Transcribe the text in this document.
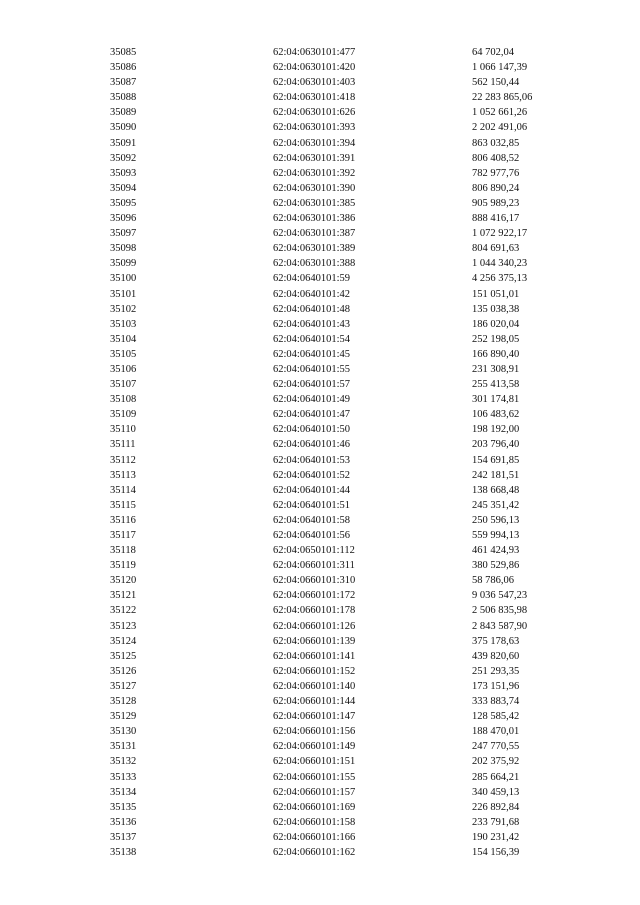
35085	62:04:0630101:477	64 702,04
35086	62:04:0630101:420	1 066 147,39
35087	62:04:0630101:403	562 150,44
35088	62:04:0630101:418	22 283 865,06
35089	62:04:0630101:626	1 052 661,26
35090	62:04:0630101:393	2 202 491,06
35091	62:04:0630101:394	863 032,85
35092	62:04:0630101:391	806 408,52
35093	62:04:0630101:392	782 977,76
35094	62:04:0630101:390	806 890,24
35095	62:04:0630101:385	905 989,23
35096	62:04:0630101:386	888 416,17
35097	62:04:0630101:387	1 072 922,17
35098	62:04:0630101:389	804 691,63
35099	62:04:0630101:388	1 044 340,23
35100	62:04:0640101:59	4 256 375,13
35101	62:04:0640101:42	151 051,01
35102	62:04:0640101:48	135 038,38
35103	62:04:0640101:43	186 020,04
35104	62:04:0640101:54	252 198,05
35105	62:04:0640101:45	166 890,40
35106	62:04:0640101:55	231 308,91
35107	62:04:0640101:57	255 413,58
35108	62:04:0640101:49	301 174,81
35109	62:04:0640101:47	106 483,62
35110	62:04:0640101:50	198 192,00
35111	62:04:0640101:46	203 796,40
35112	62:04:0640101:53	154 691,85
35113	62:04:0640101:52	242 181,51
35114	62:04:0640101:44	138 668,48
35115	62:04:0640101:51	245 351,42
35116	62:04:0640101:58	250 596,13
35117	62:04:0640101:56	559 994,13
35118	62:04:0650101:112	461 424,93
35119	62:04:0660101:311	380 529,86
35120	62:04:0660101:310	58 786,06
35121	62:04:0660101:172	9 036 547,23
35122	62:04:0660101:178	2 506 835,98
35123	62:04:0660101:126	2 843 587,90
35124	62:04:0660101:139	375 178,63
35125	62:04:0660101:141	439 820,60
35126	62:04:0660101:152	251 293,35
35127	62:04:0660101:140	173 151,96
35128	62:04:0660101:144	333 883,74
35129	62:04:0660101:147	128 585,42
35130	62:04:0660101:156	188 470,01
35131	62:04:0660101:149	247 770,55
35132	62:04:0660101:151	202 375,92
35133	62:04:0660101:155	285 664,21
35134	62:04:0660101:157	340 459,13
35135	62:04:0660101:169	226 892,84
35136	62:04:0660101:158	233 791,68
35137	62:04:0660101:166	190 231,42
35138	62:04:0660101:162	154 156,39
